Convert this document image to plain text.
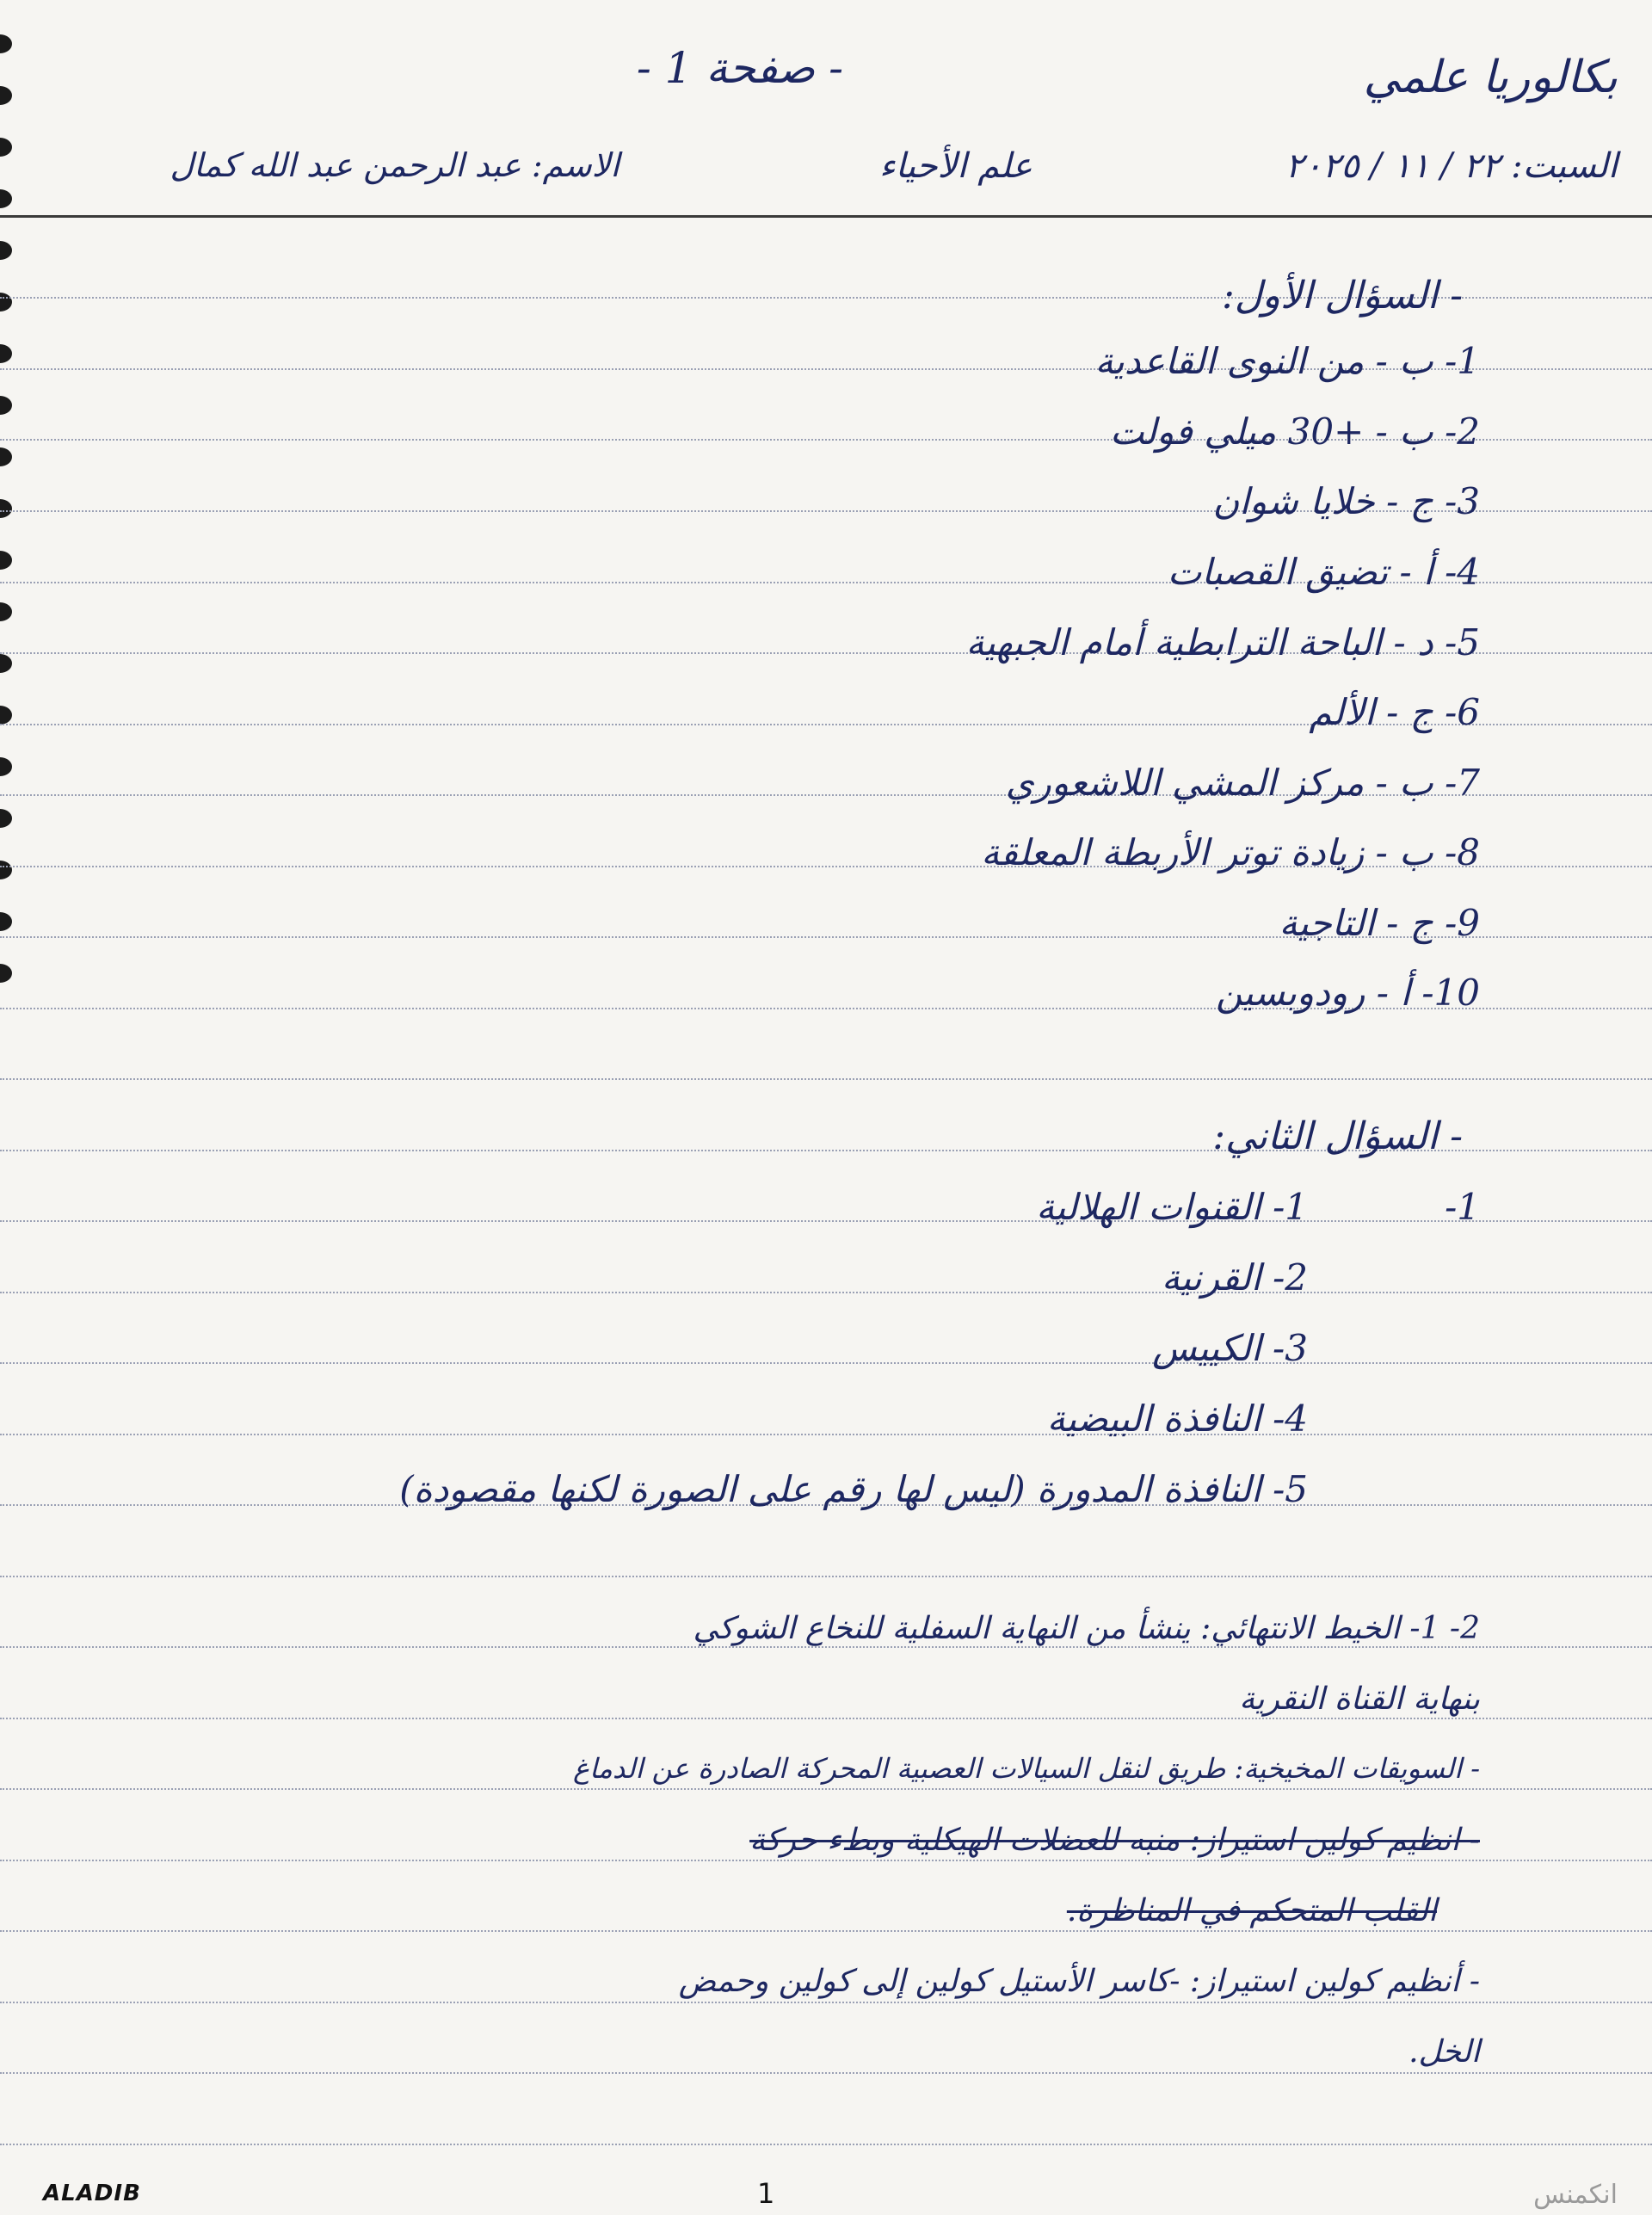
بكالوريا علمي
- صفحة 1 -
السبت: ٢٢ / ١١ / ٢٠٢٥
علم الأحياء
الاسم: عبد الرحمن عبد الله كمال
- السؤال الأول:
1- ب - من النوى القاعدية
2- ب - +30 ميلي فولت
3- ج - خلايا شوان
4- أ - تضيق القصبات
5- د - الباحة الترابطية أمام الجبهية
6- ج - الألم
7- ب - مركز المشي اللاشعوري
8- ب - زيادة توتر الأربطة المعلقة
9- ج - التاجية
10- أ - رودوبسين
- السؤال الثاني:
1-
1- القنوات الهلالية
2- القرنية
3- الكييس
4- النافذة البيضية
5- النافذة المدورة (ليس لها رقم على الصورة لكنها مقصودة)
2- 1- الخيط الانتهائي: ينشأ من النهاية السفلية للنخاع الشوكي
بنهاية القناة النقرية
- السويقات المخيخية: طريق لنقل السيالات العصبية المحركة الصادرة عن الدماغ
- انظيم كولين استيراز: منبه للعضلات الهيكلية وبطء حركة
القلب المتحكم في المناظرة.
- أنظيم كولين استيراز: -كاسر الأستيل كولين إلى كولين وحمض
الخل.
ALADIB	1	انكمنس
